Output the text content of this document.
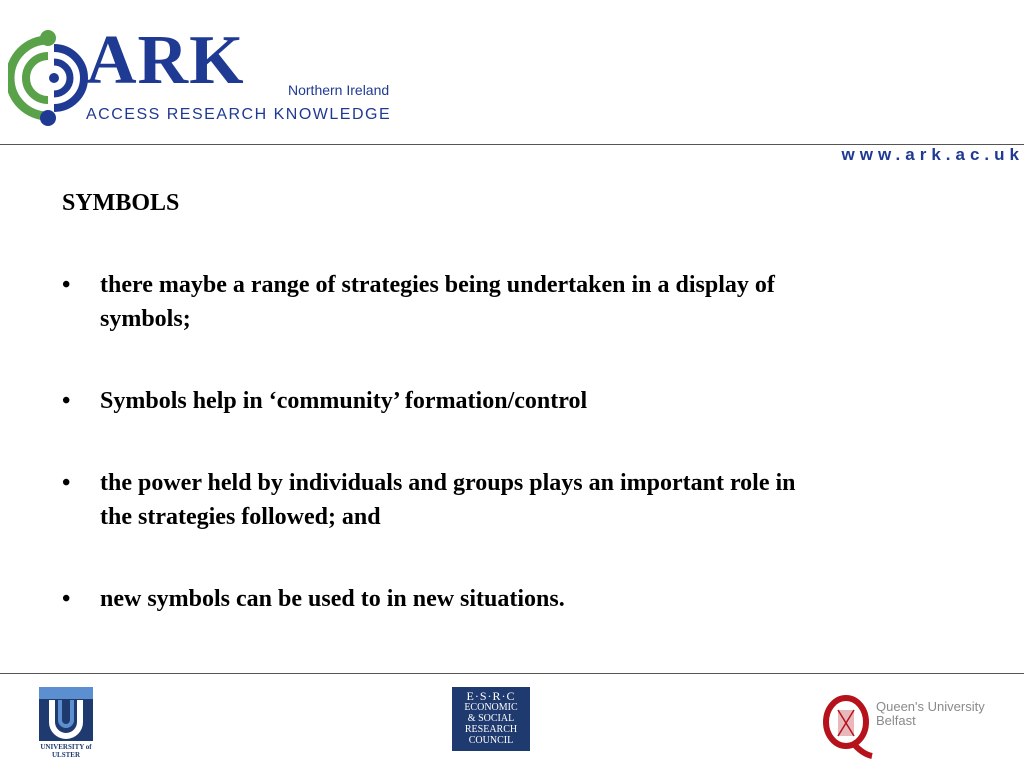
ARK	Northern Ireland
ACCESS RESEARCH KNOWLEDGE
www.ark.ac.uk
SYMBOLS
• there maybe a range of strategies being undertaken in a display of
symbols;
• Symbols help in ‘community’ formation/control
• the power held by individuals and groups plays an important role in
the strategies followed; and
• new symbols can be used to in new situations.
UNIVERSITY of ULSTER
E·S·R·C
ECONOMIC
& SOCIAL
RESEARCH
COUNCIL
Queen's University
Belfast
